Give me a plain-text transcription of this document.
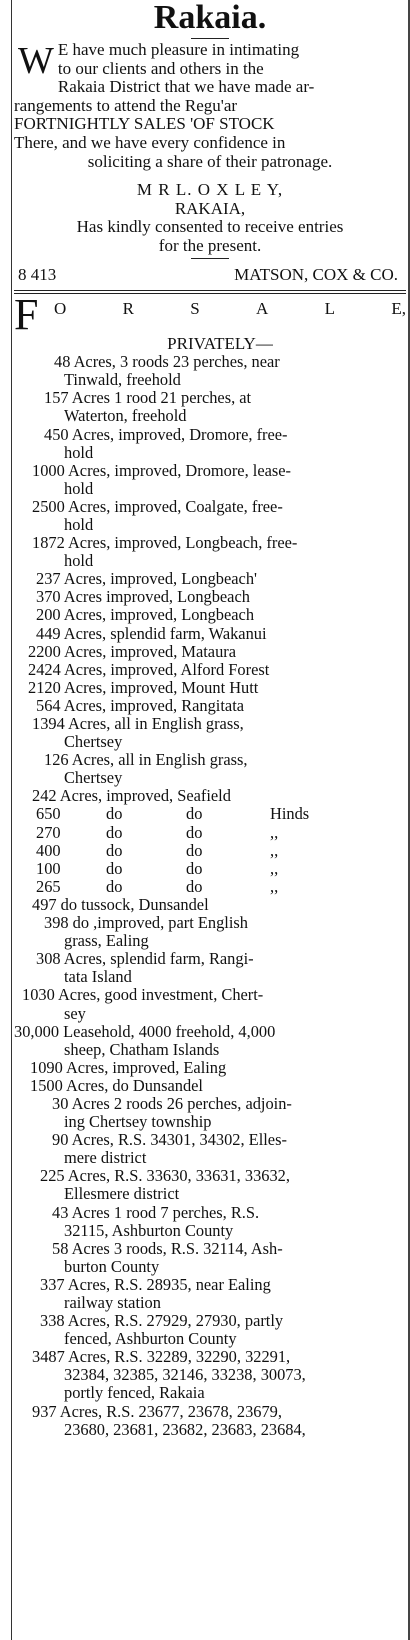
Rakaia.
W E have much pleasure in intimating
to our clients and others in the
Rakaia District that we have made ar-
rangements to attend the Regu'ar
FORTNIGHTLY SALES 'OF STOCK
There, and we have every confidence in
soliciting a share of their patronage.
M R L. O X L E Y,
RAKAIA,
Has kindly consented to receive entries
for the present.
8 413	MATSON, COX & CO.
F O	R	S	A	L	E,
PRIVATELY—
48 Acres, 3 roods 23 perches, near
Tinwald, freehold
157 Acres 1 rood 21 perches, at
Waterton, freehold
450 Acres, improved, Dromore, free-
hold
1000 Acres, improved, Dromore, lease-
hold
2500 Acres, improved, Coalgate, free-
hold
1872 Acres, improved, Longbeach, free-
hold
237 Acres, improved, Longbeach'
370 Acres improved, Longbeach
200 Acres, improved, Longbeach
449 Acres, splendid farm, Wakanui
2200 Acres, improved, Mataura
2424 Acres, improved, Alford Forest
2120 Acres, improved, Mount Hutt
564 Acres, improved, Rangitata
1394 Acres, all in English grass,
Chertsey
126 Acres, all in English grass,
Chertsey
242 Acres, improved, Seafield
650	do	do	Hinds
270	do	do	,,
400	do	do	,,
100	do	do	,,
265	do	do	,,
497 do tussock, Dunsandel
398 do ,improved, part English
grass, Ealing
308 Acres, splendid farm, Rangi-
tata Island
1030 Acres, good investment, Chert-
sey
30,000 Leasehold, 4000 freehold, 4,000
sheep, Chatham Islands
1090 Acres, improved, Ealing
1500 Acres, do Dunsandel
30 Acres 2 roods 26 perches, adjoin-
ing Chertsey township
90 Acres, R.S. 34301, 34302, Elles-
mere district
225 Acres, R.S. 33630, 33631, 33632,
Ellesmere district
43 Acres 1 rood 7 perches, R.S.
32115, Ashburton County
58 Acres 3 roods, R.S. 32114, Ash-
burton County
337 Acres, R.S. 28935, near Ealing
railway station
338 Acres, R.S. 27929, 27930, partly
fenced, Ashburton County
3487 Acres, R.S. 32289, 32290, 32291,
32384, 32385, 32146, 33238, 30073,
portly fenced, Rakaia
937 Acres, R.S. 23677, 23678, 23679,
23680, 23681, 23682, 23683, 23684,
